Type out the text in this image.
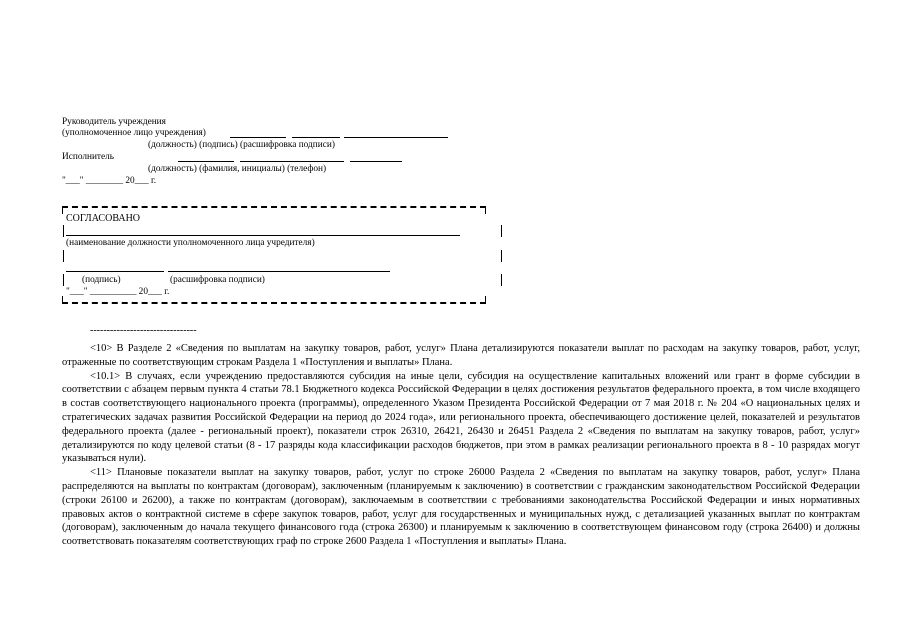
Руководитель учреждения
(уполномоченное лицо учреждения)
(должность) (подпись) (расшифровка подписи)
Исполнитель
(должность) (фамилия, инициалы) (телефон)
"___" ________ 20___ г.
СОГЛАСОВАНО
(наименование должности уполномоченного лица учредителя)
(подпись)	(расшифровка подписи)
"___" __________ 20___ г.
--------------------------------

<10> В Разделе 2 «Сведения по выплатам на закупку товаров, работ, услуг» Плана детализируются показатели выплат по расходам на закупку товаров, работ, услуг, отраженные по соответствующим строкам Раздела 1 «Поступления и выплаты» Плана.

<10.1> В случаях, если учреждению предоставляются субсидия на иные цели, субсидия на осуществление капитальных вложений или грант в форме субсидии в соответствии с абзацем первым пункта 4 статьи 78.1 Бюджетного кодекса Российской Федерации в целях достижения результатов федерального проекта, в том числе входящего в состав соответствующего национального проекта (программы), определенного Указом Президента Российской Федерации от 7 мая 2018 г. № 204 «О национальных целях и стратегических задачах развития Российской Федерации на период до 2024 года», или регионального проекта, обеспечивающего достижение целей, показателей и результатов федерального проекта (далее - региональный проект), показатели строк 26310, 26421, 26430 и 26451 Раздела 2 «Сведения по выплатам на закупку товаров, работ, услуг» детализируются по коду целевой статьи (8 - 17 разряды кода классификации расходов бюджетов, при этом в рамках реализации регионального проекта в 8 - 10 разрядах могут указываться нули).

<11> Плановые показатели выплат на закупку товаров, работ, услуг по строке 26000 Раздела 2 «Сведения по выплатам на закупку товаров, работ, услуг» Плана распределяются на выплаты по контрактам (договорам), заключенным (планируемым к заключению) в соответствии с гражданским законодательством Российской Федерации (строки 26100 и 26200), а также по контрактам (договорам), заключаемым в соответствии с требованиями законодательства Российской Федерации и иных нормативных правовых актов о контрактной системе в сфере закупок товаров, работ, услуг для государственных и муниципальных нужд, с детализацией указанных выплат по контрактам (договорам), заключенным до начала текущего финансового года (строка 26300) и планируемым к заключению в соответствующем финансовом году (строка 26400) и должны соответствовать показателям соответствующих граф по строке 2600 Раздела 1 «Поступления и выплаты» Плана.
